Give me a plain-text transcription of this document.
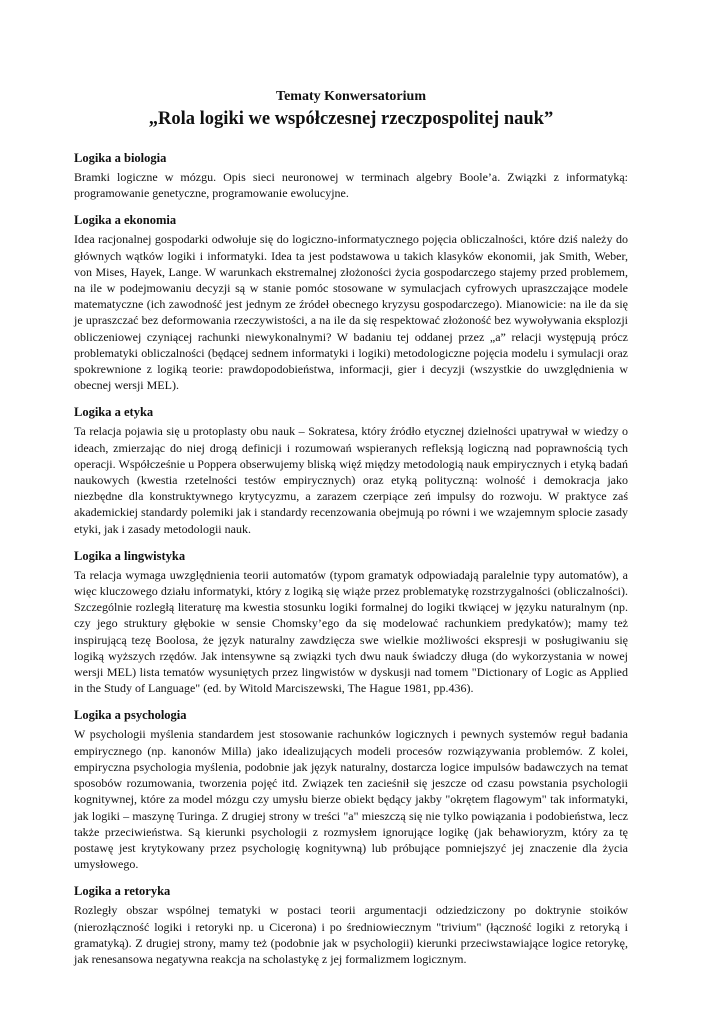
Tematy Konwersatorium

„Rola logiki we współczesnej rzeczpospolitej nauk”
Logika a biologia

Bramki logiczne w mózgu. Opis sieci neuronowej w terminach algebry Boole’a. Związki z informatyką: programowanie genetyczne, programowanie ewolucyjne.

Logika a ekonomia

Idea racjonalnej gospodarki odwołuje się do logiczno-informatycznego pojęcia obliczalności, które dziś należy do głównych wątków logiki i informatyki. Idea ta jest podstawowa u takich klasyków ekonomii, jak Smith, Weber, von Mises, Hayek, Lange. W warunkach ekstremalnej złożoności życia gospodarczego stajemy przed problemem, na ile w podejmowaniu decyzji są w stanie pomóc stosowane w symulacjach cyfrowych upraszczające modele matematyczne (ich zawodność jest jednym ze źródeł obecnego kryzysu gospodarczego). Mianowicie: na ile da się je upraszczać bez deformowania rzeczywistości, a na ile da się respektować złożoność bez wywoływania eksplozji obliczeniowej czyniącej rachunki niewykonalnymi? W badaniu tej oddanej przez „a” relacji występują prócz problematyki obliczalności (będącej sednem informatyki i logiki) metodologiczne pojęcia modelu i symulacji oraz spokrewnione z logiką teorie: prawdopodobieństwa, informacji, gier i decyzji (wszystkie do uwzględnienia w obecnej wersji MEL).

Logika a etyka

Ta relacja pojawia się u protoplasty obu nauk – Sokratesa, który źródło etycznej dzielności upatrywał w wiedzy o ideach, zmierzając do niej drogą definicji i rozumowań wspieranych refleksją logiczną nad poprawnością tych operacji. Współcześnie u Poppera obserwujemy bliską więź między metodologią nauk empirycznych i etyką badań naukowych (kwestia rzetelności testów empirycznych) oraz etyką polityczną: wolność i demokracja jako niezbędne dla konstruktywnego krytycyzmu, a zarazem czerpiące zeń impulsy do rozwoju. W praktyce zaś akademickiej standardy polemiki jak i standardy recenzowania obejmują po równi i we wzajemnym splocie zasady etyki, jak i zasady metodologii nauk.

Logika a lingwistyka

Ta relacja wymaga uwzględnienia teorii automatów (typom gramatyk odpowiadają paralelnie typy automatów), a więc kluczowego działu informatyki, który z logiką się wiąże przez problematykę rozstrzygalności (obliczalności). Szczególnie rozległą literaturę ma kwestia stosunku logiki formalnej do logiki tkwiącej w języku naturalnym (np. czy jego struktury głębokie w sensie Chomsky’ego da się modelować rachunkiem predykatów); mamy też inspirującą tezę Boolosa, że język naturalny zawdzięcza swe wielkie możliwości ekspresji w posługiwaniu się logiką wyższych rzędów. Jak intensywne są związki tych dwu nauk świadczy długa (do wykorzystania w nowej wersji MEL) lista tematów wysuniętych przez lingwistów w dyskusji nad tomem "Dictionary of Logic as Applied in the Study of Language" (ed. by Witold Marciszewski, The Hague 1981, pp.436).

Logika a psychologia

W psychologii myślenia standardem jest stosowanie rachunków logicznych i pewnych systemów reguł badania empirycznego (np. kanonów Milla) jako idealizujących modeli procesów rozwiązywania problemów. Z kolei, empiryczna psychologia myślenia, podobnie jak język naturalny, dostarcza logice impulsów badawczych na temat sposobów rozumowania, tworzenia pojęć itd. Związek ten zacieśnił się jeszcze od czasu powstania psychologii kognitywnej, które za model mózgu czy umysłu bierze obiekt będący jakby "okrętem flagowym" tak informatyki, jak logiki – maszynę Turinga. Z drugiej strony w treści "a" mieszczą się nie tylko powiązania i podobieństwa, lecz także przeciwieństwa. Są kierunki psychologii z rozmysłem ignorujące logikę (jak behawioryzm, który za tę postawę jest krytykowany przez psychologię kognitywną) lub próbujące pomniejszyć jej znaczenie dla życia umysłowego.

Logika a retoryka

Rozległy obszar wspólnej tematyki w postaci teorii argumentacji odziedziczony po doktrynie stoików (nierozłączność logiki i retoryki np. u Cicerona) i po średniowiecznym "trivium" (łączność logiki z retoryką i gramatyką). Z drugiej strony, mamy też (podobnie jak w psychologii) kierunki przeciwstawiające logice retorykę, jak renesansowa negatywna reakcja na scholastykę z jej formalizmem logicznym.
